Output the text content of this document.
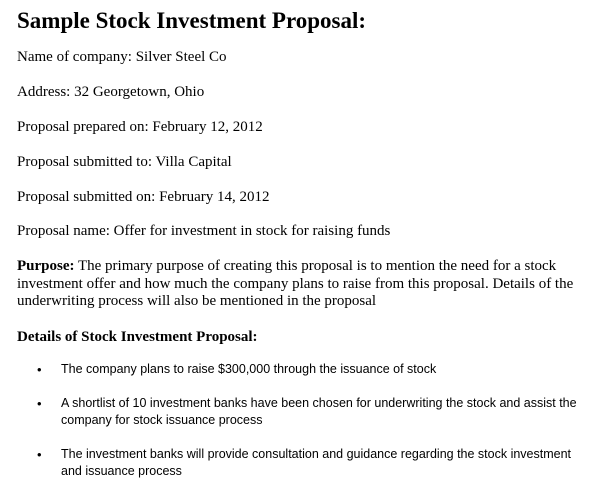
Sample Stock Investment Proposal:
Name of company: Silver Steel Co
Address: 32 Georgetown, Ohio
Proposal prepared on: February 12, 2012
Proposal submitted to: Villa Capital
Proposal submitted on: February 14, 2012
Proposal name: Offer for investment in stock for raising funds
Purpose: The primary purpose of creating this proposal is to mention the need for a stock investment offer and how much the company plans to raise from this proposal. Details of the underwriting process will also be mentioned in the proposal
Details of Stock Investment Proposal:
• The company plans to raise $300,000 through the issuance of stock
• A shortlist of 10 investment banks have been chosen for underwriting the stock and assist the company for stock issuance process
• The investment banks will provide consultation and guidance regarding the stock investment and issuance process
